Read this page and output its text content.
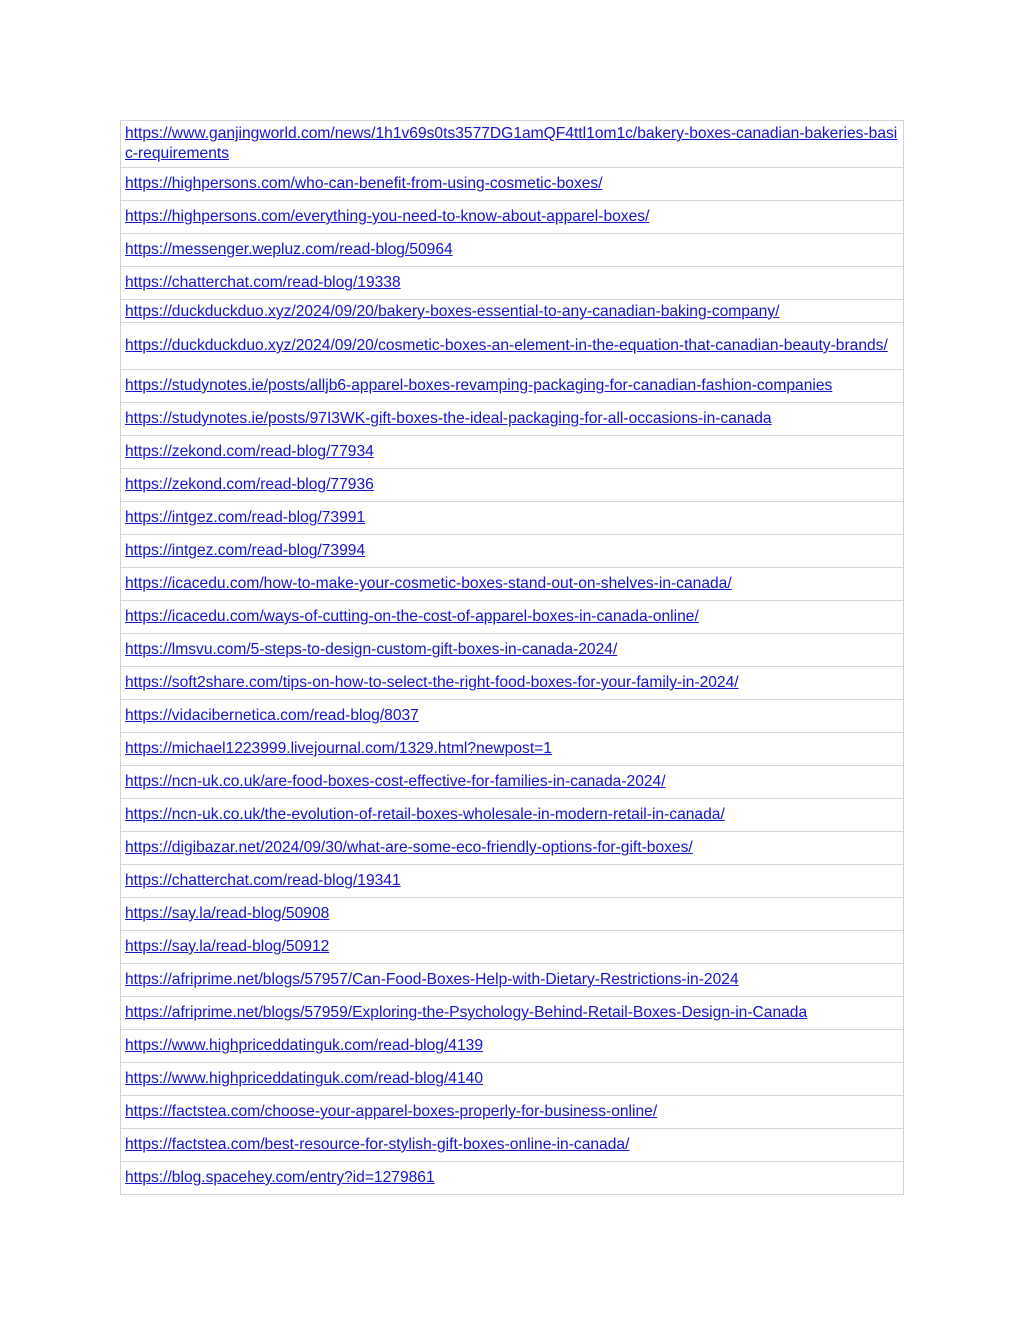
https://www.ganjingworld.com/news/1h1v69s0ts3577DG1amQF4ttl1om1c/bakery-boxes-canadian-bakeries-basic-requirements
https://highpersons.com/who-can-benefit-from-using-cosmetic-boxes/
https://highpersons.com/everything-you-need-to-know-about-apparel-boxes/
https://messenger.wepluz.com/read-blog/50964
https://chatterchat.com/read-blog/19338
https://duckduckduo.xyz/2024/09/20/bakery-boxes-essential-to-any-canadian-baking-company/
https://duckduckduo.xyz/2024/09/20/cosmetic-boxes-an-element-in-the-equation-that-canadian-beauty-brands/
https://studynotes.ie/posts/alljb6-apparel-boxes-revamping-packaging-for-canadian-fashion-companies
https://studynotes.ie/posts/97I3WK-gift-boxes-the-ideal-packaging-for-all-occasions-in-canada
https://zekond.com/read-blog/77934
https://zekond.com/read-blog/77936
https://intgez.com/read-blog/73991
https://intgez.com/read-blog/73994
https://icacedu.com/how-to-make-your-cosmetic-boxes-stand-out-on-shelves-in-canada/
https://icacedu.com/ways-of-cutting-on-the-cost-of-apparel-boxes-in-canada-online/
https://lmsvu.com/5-steps-to-design-custom-gift-boxes-in-canada-2024/
https://soft2share.com/tips-on-how-to-select-the-right-food-boxes-for-your-family-in-2024/
https://vidacibernetica.com/read-blog/8037
https://michael1223999.livejournal.com/1329.html?newpost=1
https://ncn-uk.co.uk/are-food-boxes-cost-effective-for-families-in-canada-2024/
https://ncn-uk.co.uk/the-evolution-of-retail-boxes-wholesale-in-modern-retail-in-canada/
https://digibazar.net/2024/09/30/what-are-some-eco-friendly-options-for-gift-boxes/
https://chatterchat.com/read-blog/19341
https://say.la/read-blog/50908
https://say.la/read-blog/50912
https://afriprime.net/blogs/57957/Can-Food-Boxes-Help-with-Dietary-Restrictions-in-2024
https://afriprime.net/blogs/57959/Exploring-the-Psychology-Behind-Retail-Boxes-Design-in-Canada
https://www.highpriceddatinguk.com/read-blog/4139
https://www.highpriceddatinguk.com/read-blog/4140
https://factstea.com/choose-your-apparel-boxes-properly-for-business-online/
https://factstea.com/best-resource-for-stylish-gift-boxes-online-in-canada/
https://blog.spacehey.com/entry?id=1279861
